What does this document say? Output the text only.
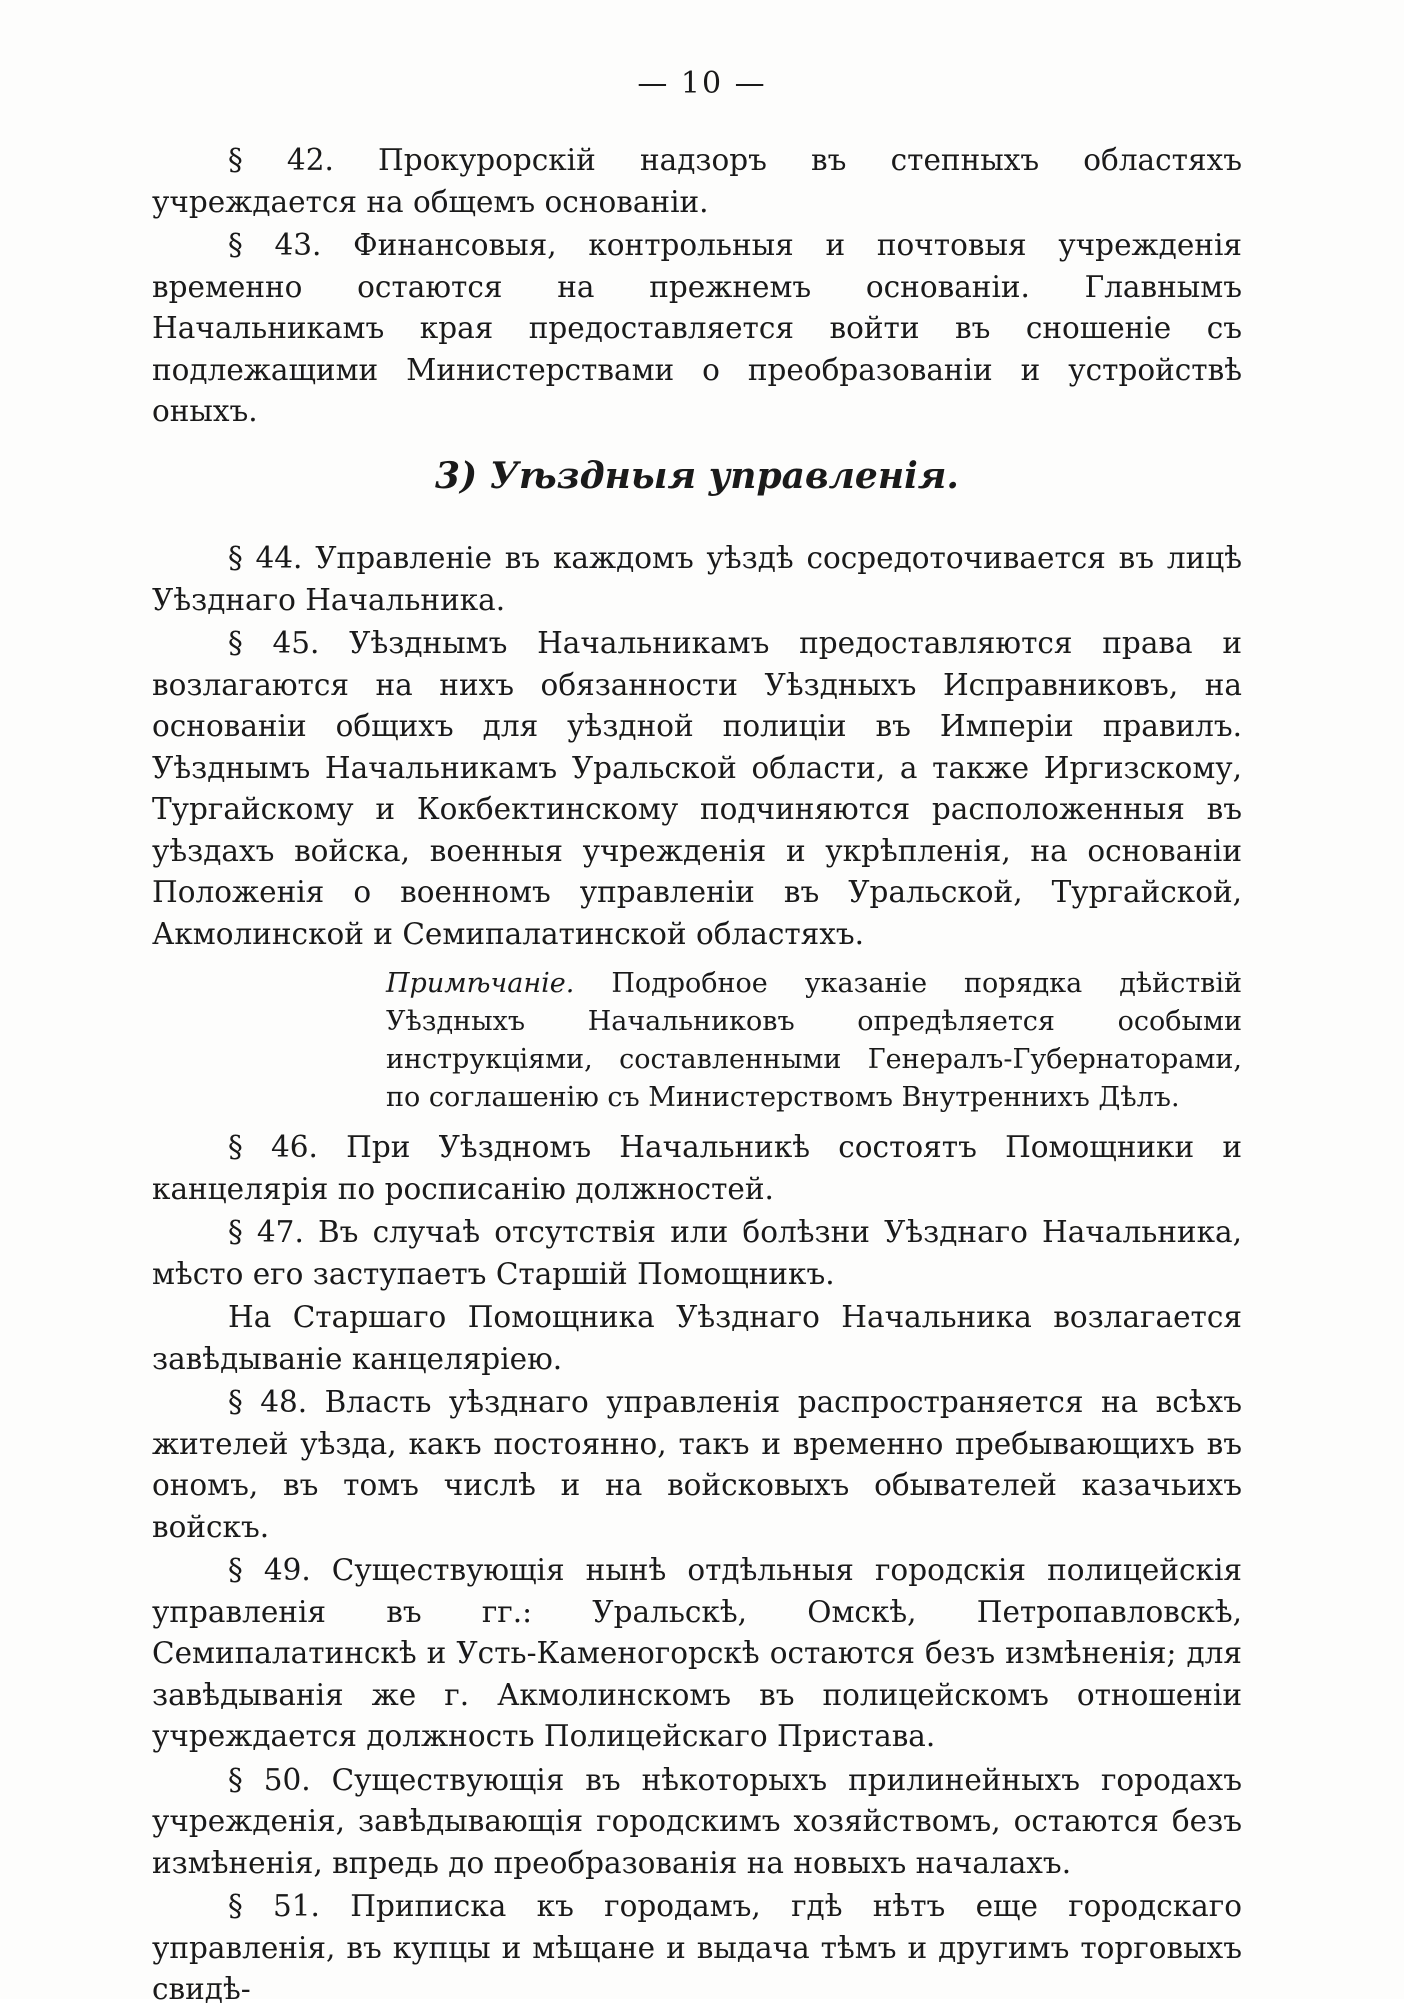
— 10 —

§ 42. Прокурорскій надзоръ въ степныхъ областяхъ учреждается на общемъ основаніи.

§ 43. Финансовыя, контрольныя и почтовыя учрежденія временно остаются на прежнемъ основаніи. Главнымъ Начальникамъ края предоставляется войти въ сношеніе съ подлежащими Министерствами о преобразованіи и устройствѣ оныхъ.

3) Уѣздныя управленія.

§ 44. Управленіе въ каждомъ уѣздѣ сосредоточивается въ лицѣ Уѣзднаго Начальника.

§ 45. Уѣзднымъ Начальникамъ предоставляются права и возлагаются на нихъ обязанности Уѣздныхъ Исправниковъ, на основаніи общихъ для уѣздной полиціи въ Имперіи правилъ. Уѣзднымъ Начальникамъ Уральской области, а также Иргизскому, Тургайскому и Кокбектинскому подчиняются расположенныя въ уѣздахъ войска, военныя учрежденія и укрѣпленія, на основаніи Положенія о военномъ управленіи въ Уральской, Тургайской, Акмолинской и Семипалатинской областяхъ.

Примѣчаніе. Подробное указаніе порядка дѣйствій Уѣздныхъ Начальниковъ опредѣляется особыми инструкціями, составленными Генералъ-Губернаторами, по соглашенію съ Министерствомъ Внутреннихъ Дѣлъ.

§ 46. При Уѣздномъ Начальникѣ состоятъ Помощники и канцелярія по росписанію должностей.

§ 47. Въ случаѣ отсутствія или болѣзни Уѣзднаго Начальника, мѣсто его заступаетъ Старшій Помощникъ.

На Старшаго Помощника Уѣзднаго Начальника возлагается завѣдываніе канцеляріею.

§ 48. Власть уѣзднаго управленія распространяется на всѣхъ жителей уѣзда, какъ постоянно, такъ и временно пребывающихъ въ ономъ, въ томъ числѣ и на войсковыхъ обывателей казачьихъ войскъ.

§ 49. Существующія нынѣ отдѣльныя городскія полицейскія управленія въ гг.: Уральскѣ, Омскѣ, Петропавловскѣ, Семипалатинскѣ и Усть-Каменогорскѣ остаются безъ измѣненія; для завѣдыванія же г. Акмолинскомъ въ полицейскомъ отношеніи учреждается должность Полицейскаго Пристава.

§ 50. Существующія въ нѣкоторыхъ прилинейныхъ городахъ учрежденія, завѣдывающія городскимъ хозяйствомъ, остаются безъ измѣненія, впредь до преобразованія на новыхъ началахъ.

§ 51. Приписка къ городамъ, гдѣ нѣтъ еще городскаго управленія, въ купцы и мѣщане и выдача тѣмъ и другимъ торговыхъ свидѣ-
